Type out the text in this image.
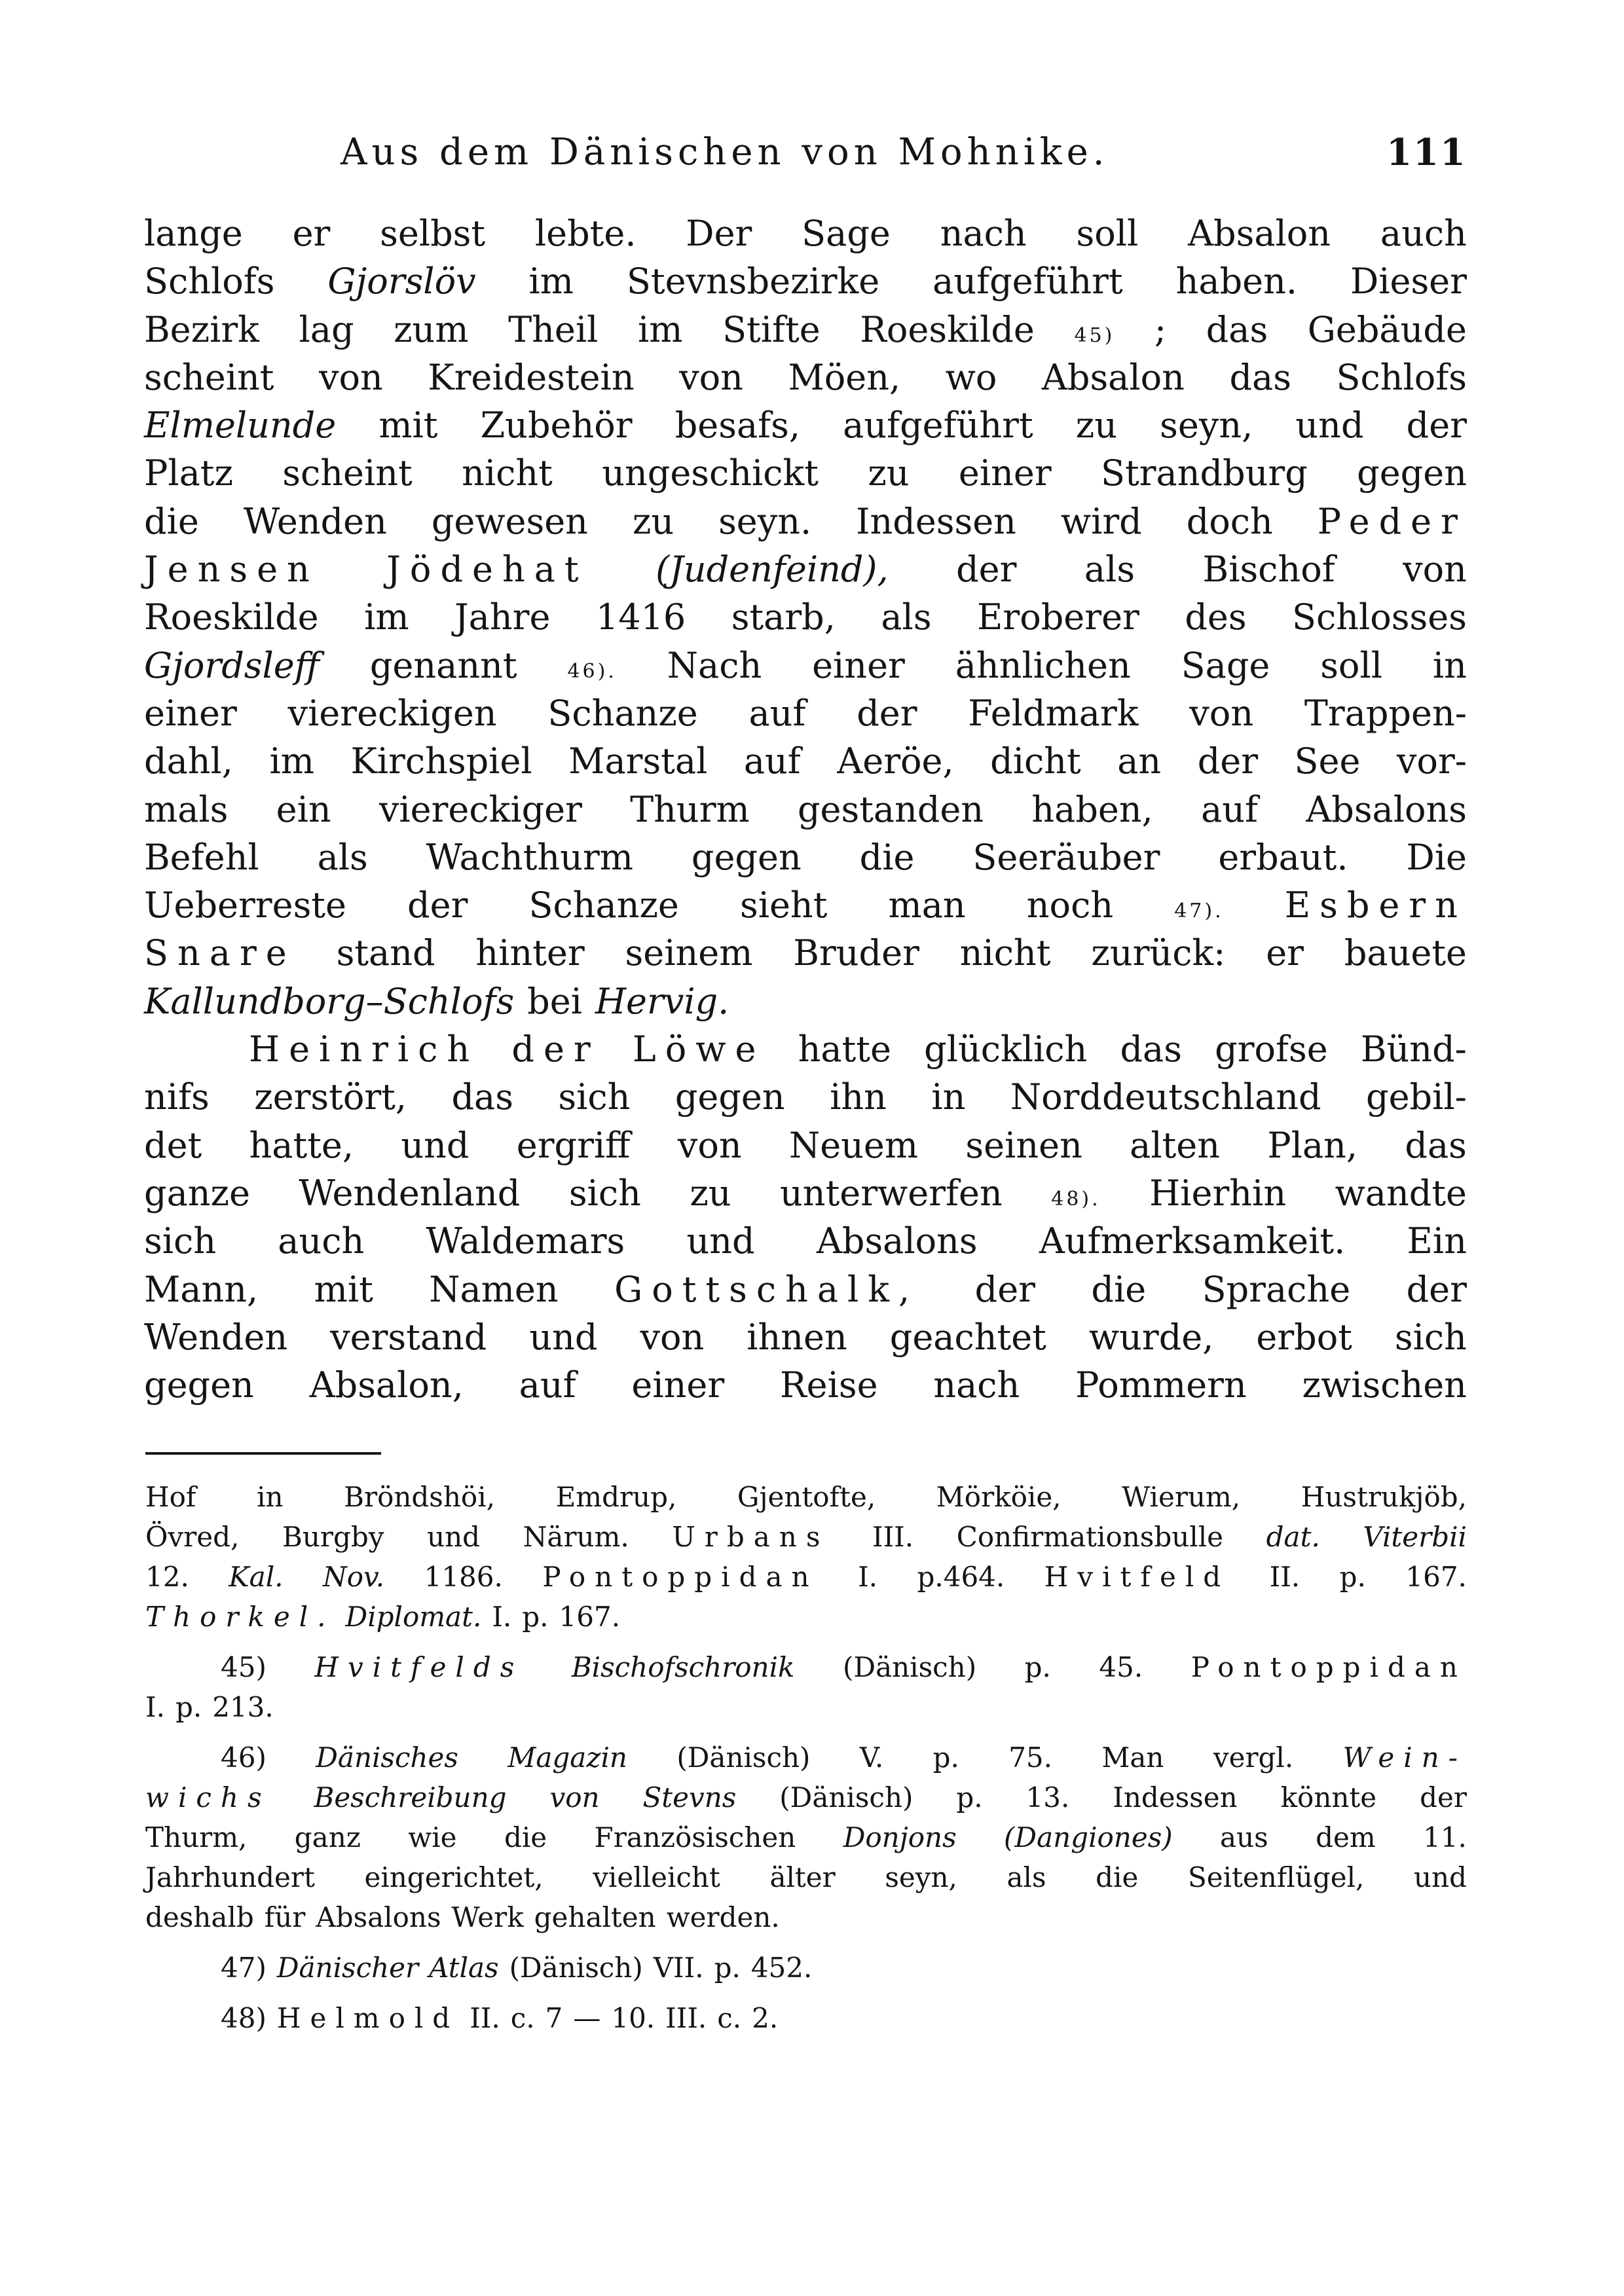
Aus dem Dänischen von Mohnike.	111
lange er selbst lebte. Der Sage nach soll Absalon auch
Schlofs Gjorslöv im Stevnsbezirke aufgeführt haben. Dieser
Bezirk lag zum Theil im Stifte Roeskilde 45) ; das Gebäude
scheint von Kreidestein von Möen, wo Absalon das Schlofs
Elmelunde mit Zubehör besafs, aufgeführt zu seyn, und der
Platz scheint nicht ungeschickt zu einer Strandburg gegen
die Wenden gewesen zu seyn. Indessen wird doch Peder
Jensen Jödehat (Judenfeind), der als Bischof von
Roeskilde im Jahre 1416 starb, als Eroberer des Schlosses
Gjordsleff genannt	46). Nach einer ähnlichen Sage soll in
einer viereckigen Schanze auf der Feldmark von Trappen-
dahl, im Kirchspiel Marstal auf Aeröe, dicht an der See vor-
mals ein viereckiger Thurm gestanden haben, auf Absalons
Befehl als Wachthurm gegen die Seeräuber erbaut. Die
Ueberreste der Schanze sieht man noch	47). Esbern
Snare stand hinter seinem Bruder nicht zurück: er bauete
Kallundborg–Schlofs bei Hervig.
Heinrich der Löwe hatte glücklich das grofse Bünd-
nifs zerstört, das sich gegen ihn in Norddeutschland gebil-
det hatte, und ergriff von Neuem seinen alten Plan, das
ganze Wendenland sich zu unterwerfen 48). Hierhin wandte
sich auch Waldemars und Absalons Aufmerksamkeit. Ein
Mann, mit Namen Gottschalk, der die Sprache der
Wenden verstand und von ihnen geachtet wurde, erbot sich
gegen Absalon, auf einer Reise nach Pommern zwischen
Hof in Bröndshöi, Emdrup, Gjentofte, Mörköie, Wierum, Hustrukjöb,
Övred, Burgby und Närum. Urbans III. Confirmationsbulle dat. Viterbii
12. Kal. Nov. 1186. Pontoppidan I. p.464. Hvitfeld II. p. 167.
Thorkel. Diplomat. I. p. 167.
45) Hvitfelds Bischofschronik (Dänisch) p. 45. Pontoppidan
I. p. 213.
46) Dänisches Magazin (Dänisch) V. p. 75. Man vergl. Wein-
wichs Beschreibung von Stevns (Dänisch) p. 13. Indessen könnte der
Thurm, ganz wie die Französischen Donjons (Dangiones) aus dem 11.
Jahrhundert eingerichtet, vielleicht älter seyn, als die Seitenflügel, und
deshalb für Absalons Werk gehalten werden.
47) Dänischer Atlas (Dänisch) VII. p. 452.
48) Helmold II. c. 7 — 10. III. c. 2.
